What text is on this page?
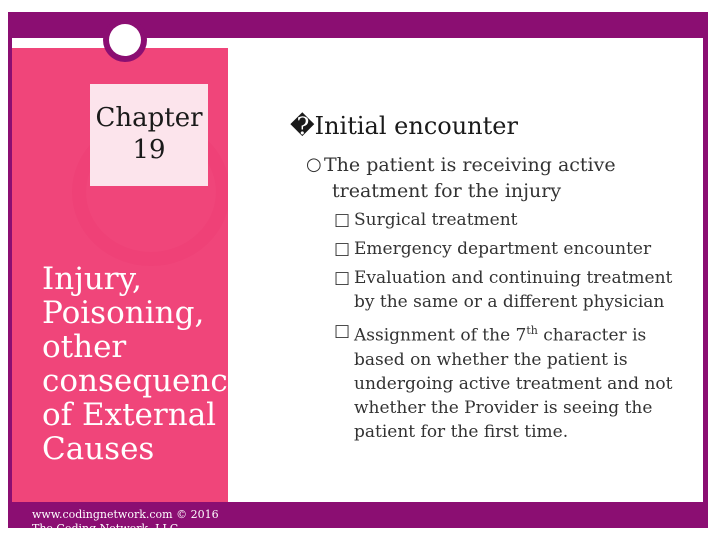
Chapter
19
Injury,
Poisoning,
other
consequences
of External
Causes
www.codingnetwork.com © 2016
The Coding Network, LLC
�Initial encounter
○ The patient is receiving active treatment for the injury
□ Surgical treatment
□ Emergency department encounter
□ Evaluation and continuing treatment by the same or a different physician
□ Assignment of the 7th character is based on whether the patient is undergoing active treatment and not whether the Provider is seeing the patient for the first time.
